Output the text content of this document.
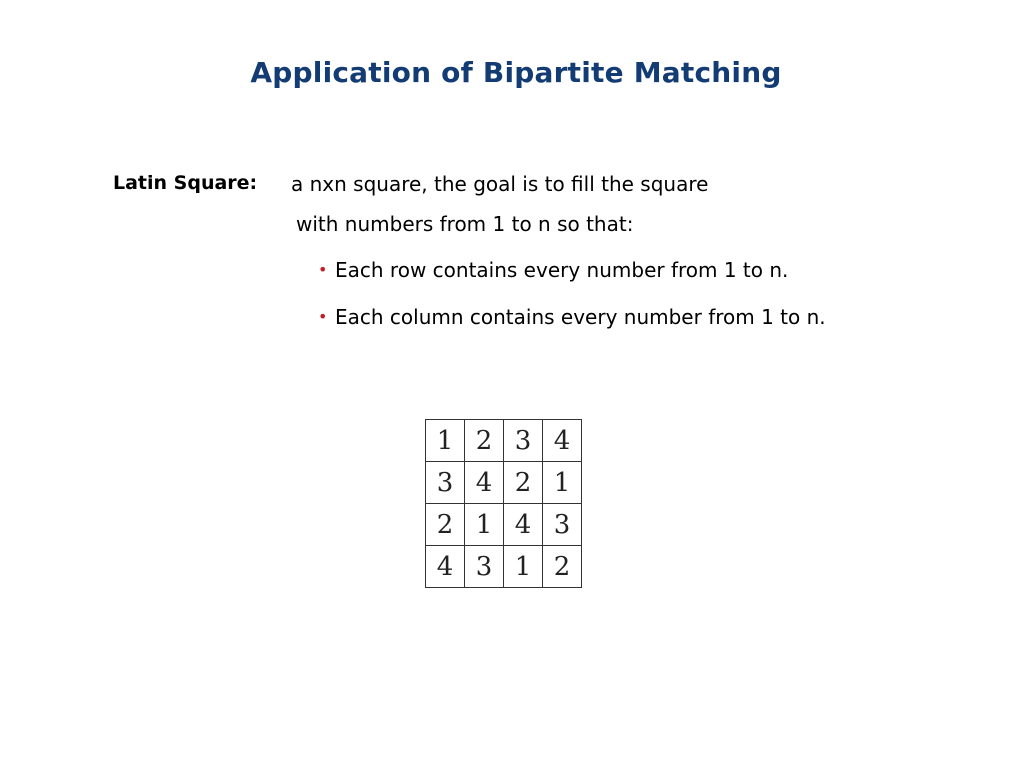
Application of Bipartite Matching
Latin Square: a nxn square, the goal is to fill the square
with numbers from 1 to n so that:
• Each row contains every number from 1 to n.
• Each column contains every number from 1 to n.
1	2	3	4
3	4	2	1
2	1	4	3
4	3	1	2
